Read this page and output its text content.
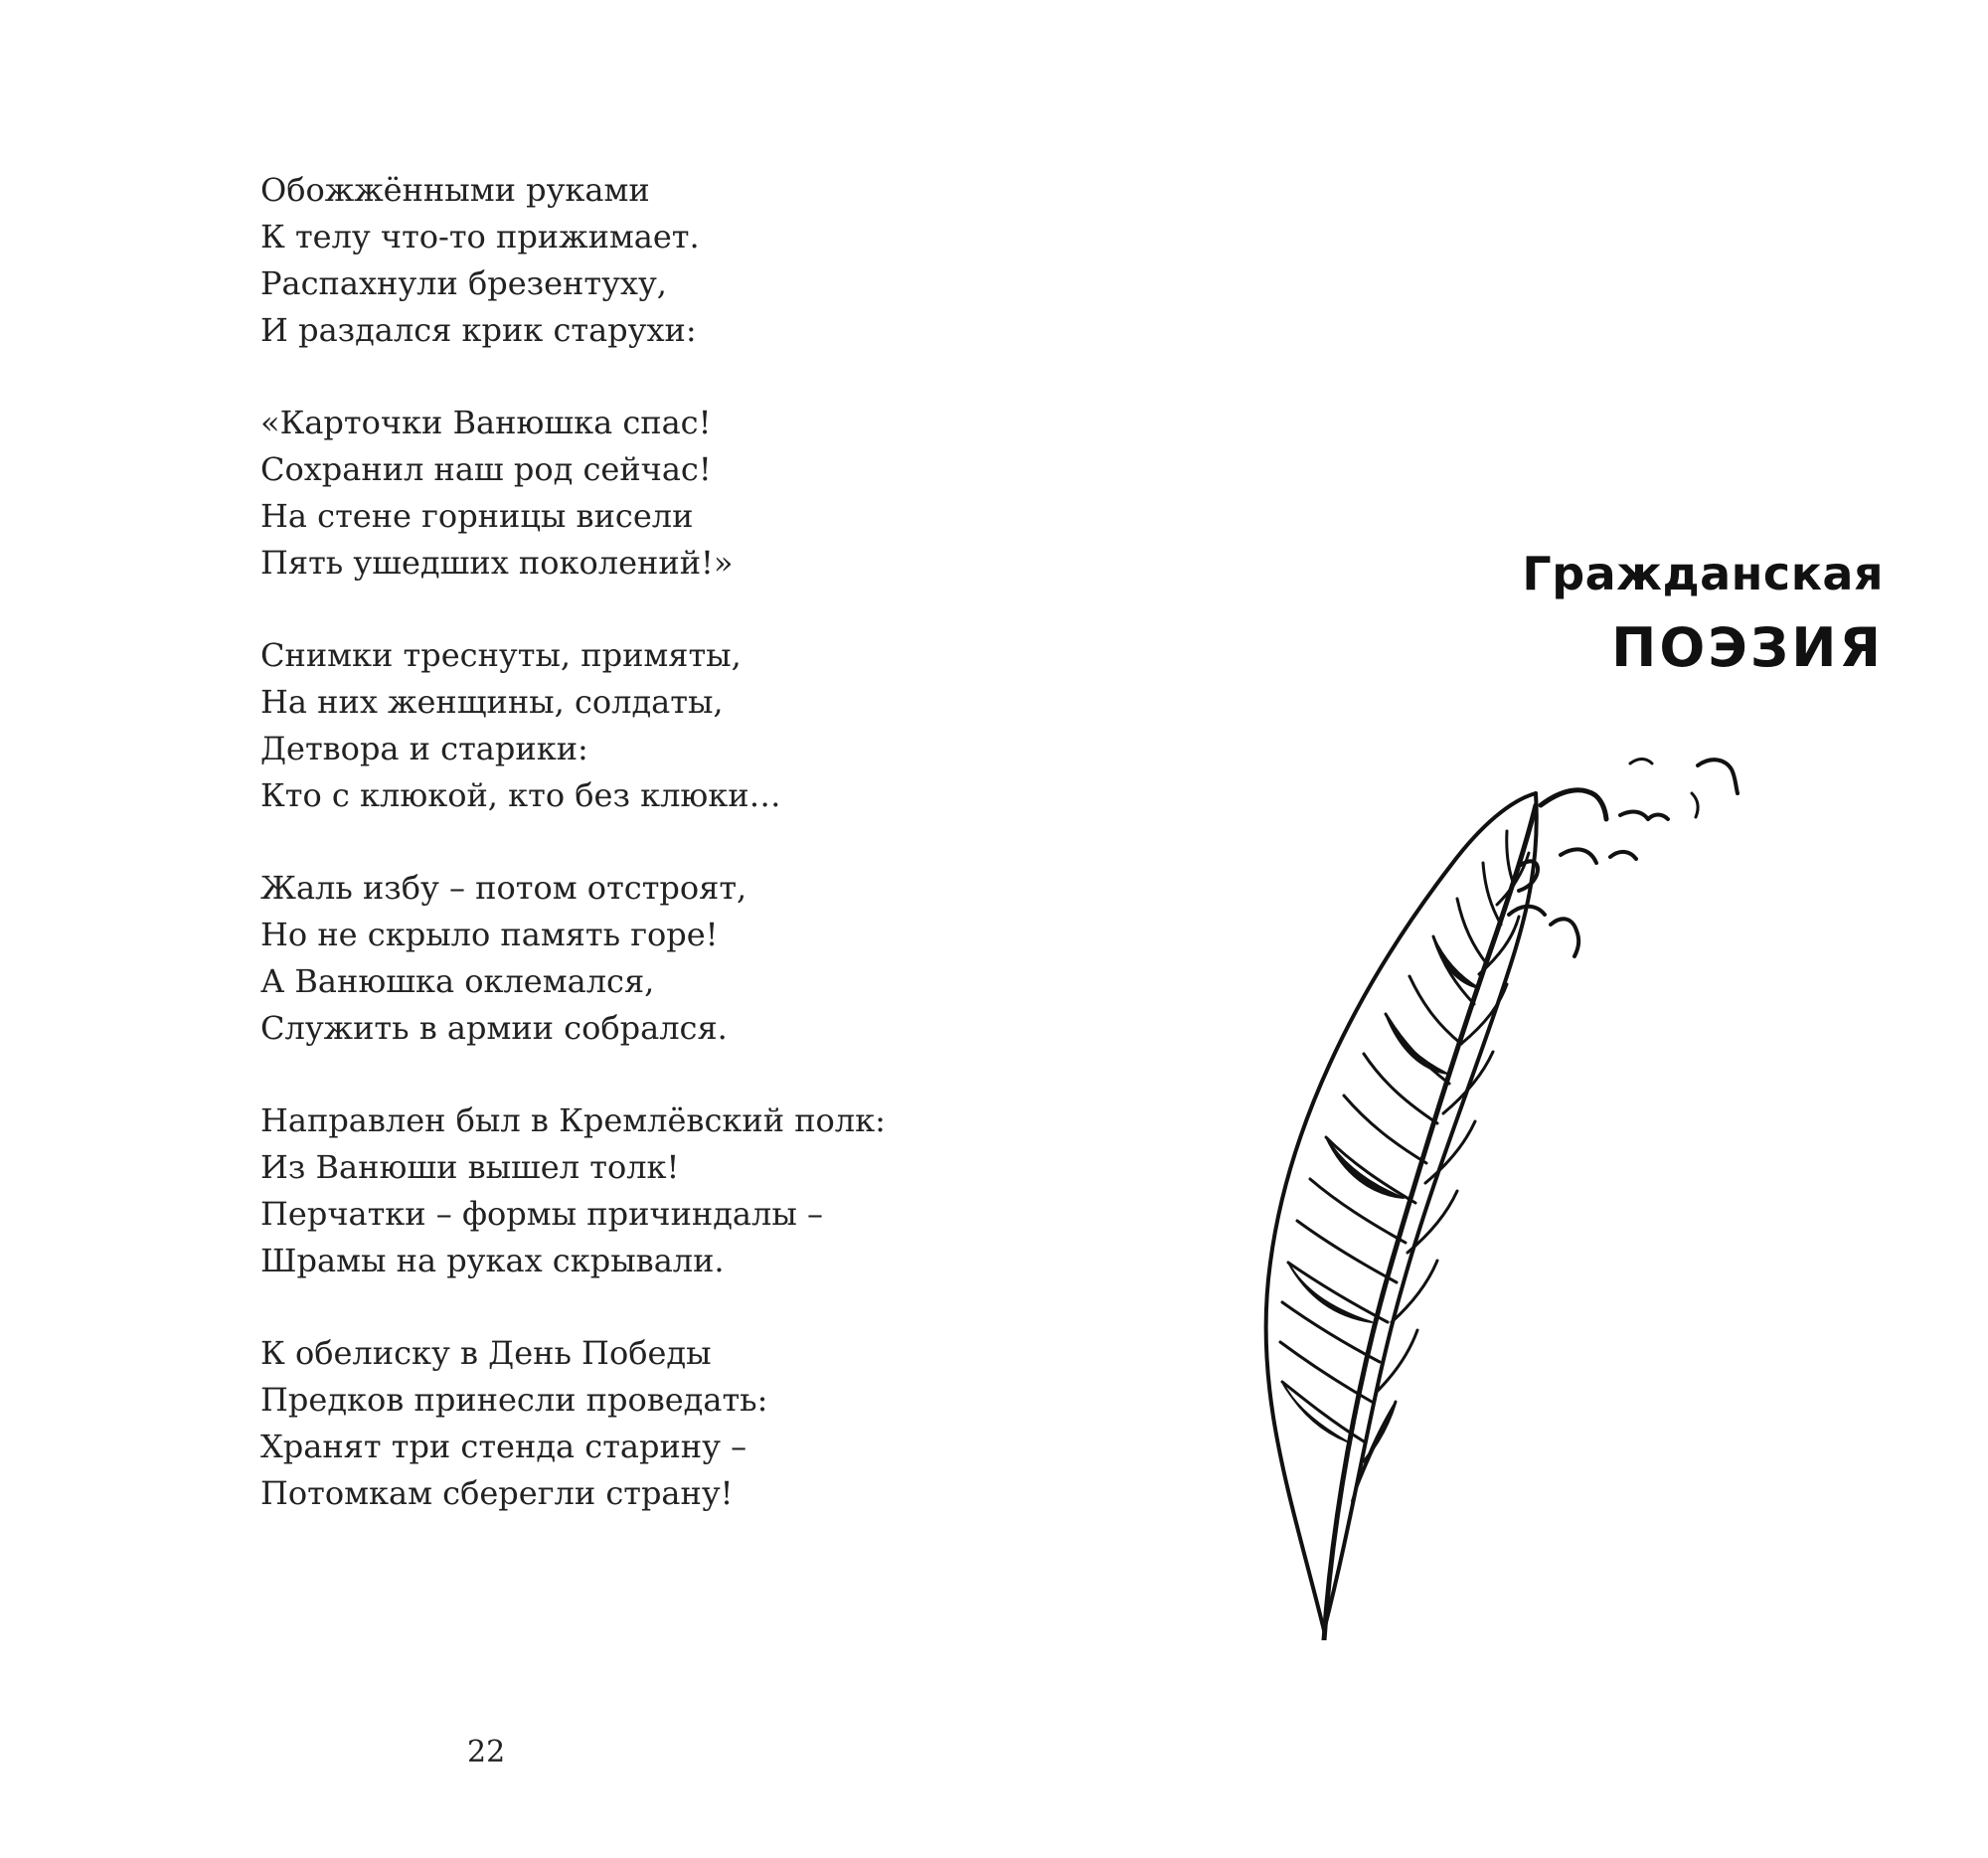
Обожжёнными руками
К телу что-то прижимает.
Распахнули брезентуху,
И раздался крик старухи:
«Карточки Ванюшка спас!
Сохранил наш род сейчас!
На стене горницы висели
Пять ушедших поколений!»
Снимки треснуты, примяты,
На них женщины, солдаты,
Детвора и старики:
Кто с клюкой, кто без клюки…
Жаль избу – потом отстроят,
Но не скрыло память горе!
А Ванюшка оклемался,
Служить в армии собрался.
Направлен был в Кремлёвский полк:
Из Ванюши вышел толк!
Перчатки – формы причиндалы –
Шрамы на руках скрывали.
К обелиску в День Победы
Предков принесли проведать:
Хранят три стенда старину –
Потомкам сберегли страну!
22
Гражданская
ПОЭЗИЯ
